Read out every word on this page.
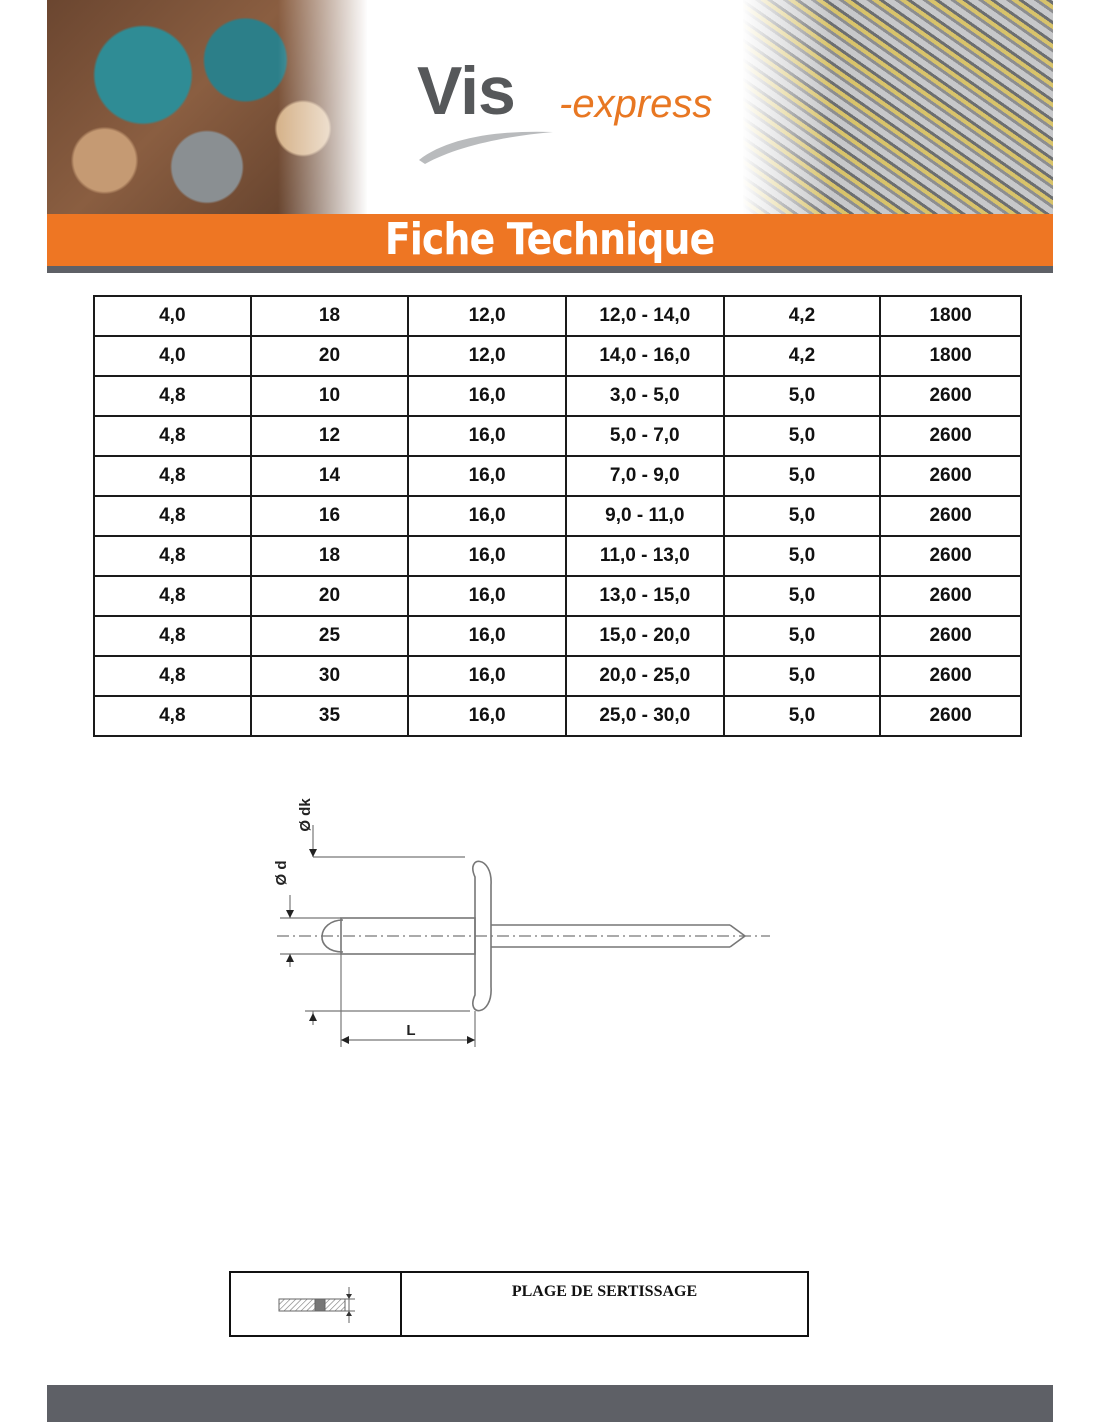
Vis -express
Fiche Technique
4,0	18	12,0	12,0 - 14,0	4,2	1800
4,0	20	12,0	14,0 - 16,0	4,2	1800
4,8	10	16,0	3,0 - 5,0	5,0	2600
4,8	12	16,0	5,0 - 7,0	5,0	2600
4,8	14	16,0	7,0 - 9,0	5,0	2600
4,8	16	16,0	9,0 - 11,0	5,0	2600
4,8	18	16,0	11,0 - 13,0	5,0	2600
4,8	20	16,0	13,0 - 15,0	5,0	2600
4,8	25	16,0	15,0 - 20,0	5,0	2600
4,8	30	16,0	20,0 - 25,0	5,0	2600
4,8	35	16,0	25,0 - 30,0	5,0	2600
Ø dk
Ø d
L
PLAGE DE SERTISSAGE
